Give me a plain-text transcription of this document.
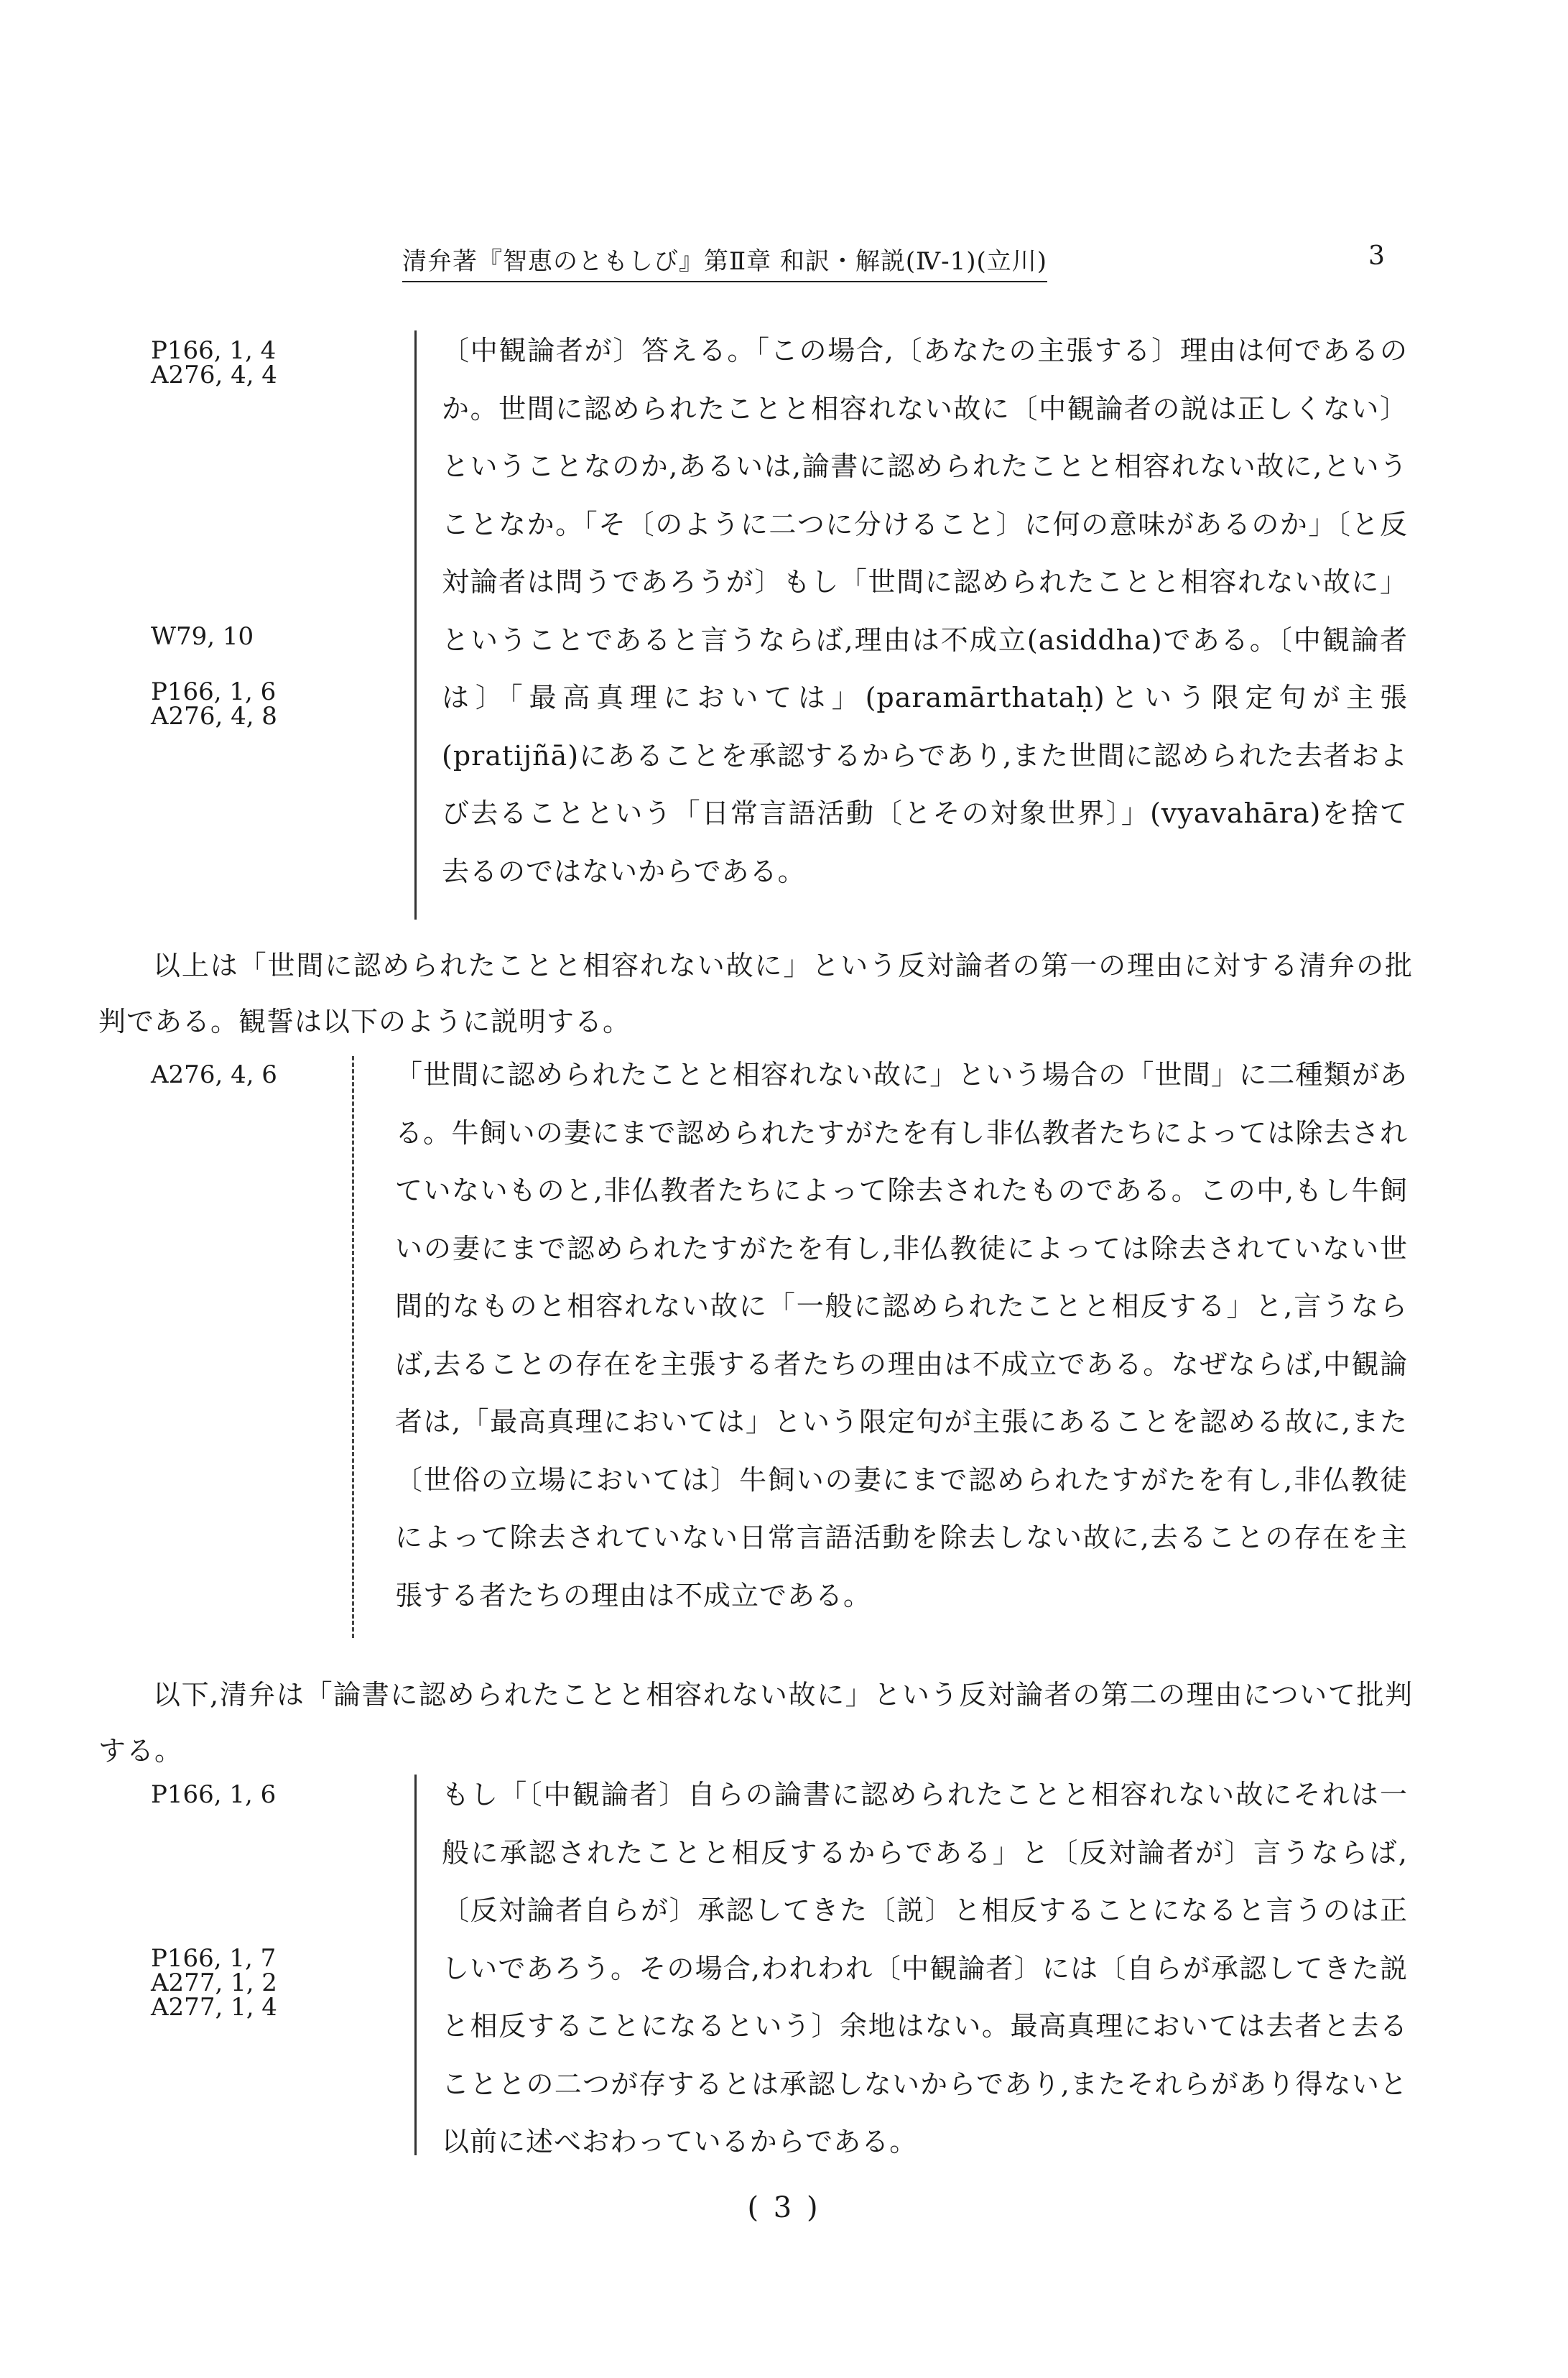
清弁著『智恵のともしび』第Ⅱ章 和訳・解説(Ⅳ-1)(立川)	3
P166, 1, 4
A276, 4, 4
W79, 10
P166, 1, 6
A276, 4, 8

〔中観論者が〕答える。「この場合,〔あなたの主張する〕理由は何であるのか。世間に認められたことと相容れない故に〔中観論者の説は正しくない〕ということなのか,あるいは,論書に認められたことと相容れない故に,ということなか。「そ〔のように二つに分けること〕に何の意味があるのか」〔と反対論者は問うであろうが〕もし「世間に認められたことと相容れない故に」ということであると言うならば,理由は不成立(asiddha)である。〔中観論者は〕「最高真理においては」(paramārthataḥ)という限定句が主張(pratijñā)にあることを承認するからであり,また世間に認められた去者および去ることという「日常言語活動〔とその対象世界〕」(vyavahāra)を捨て去るのではないからである。

以上は「世間に認められたことと相容れない故に」という反対論者の第一の理由に対する清弁の批判である。観誓は以下のように説明する。

A276, 4, 6	「世間に認められたことと相容れない故に」という場合の「世間」に二種類がある。牛飼いの妻にまで認められたすがたを有し非仏教者たちによっては除去されていないものと,非仏教者たちによって除去されたものである。この中,もし牛飼いの妻にまで認められたすがたを有し,非仏教徒によっては除去されていない世間的なものと相容れない故に「一般に認められたことと相反する」と,言うならば,去ることの存在を主張する者たちの理由は不成立である。なぜならば,中観論者は,「最高真理においては」という限定句が主張にあることを認める故に,また〔世俗の立場においては〕牛飼いの妻にまで認められたすがたを有し,非仏教徒によって除去されていない日常言語活動を除去しない故に,去ることの存在を主張する者たちの理由は不成立である。

以下,清弁は「論書に認められたことと相容れない故に」という反対論者の第二の理由について批判する。

P166, 1, 6
P166, 1, 7
A277, 1, 2
A277, 1, 4

もし「〔中観論者〕自らの論書に認められたことと相容れない故にそれは一般に承認されたことと相反するからである」と〔反対論者が〕言うならば,〔反対論者自らが〕承認してきた〔説〕と相反することになると言うのは正しいであろう。その場合,われわれ〔中観論者〕には〔自らが承認してきた説と相反することになるという〕余地はない。最高真理においては去者と去ることとの二つが存するとは承認しないからであり,またそれらがあり得ないと以前に述べおわっているからである。

( 3 )
